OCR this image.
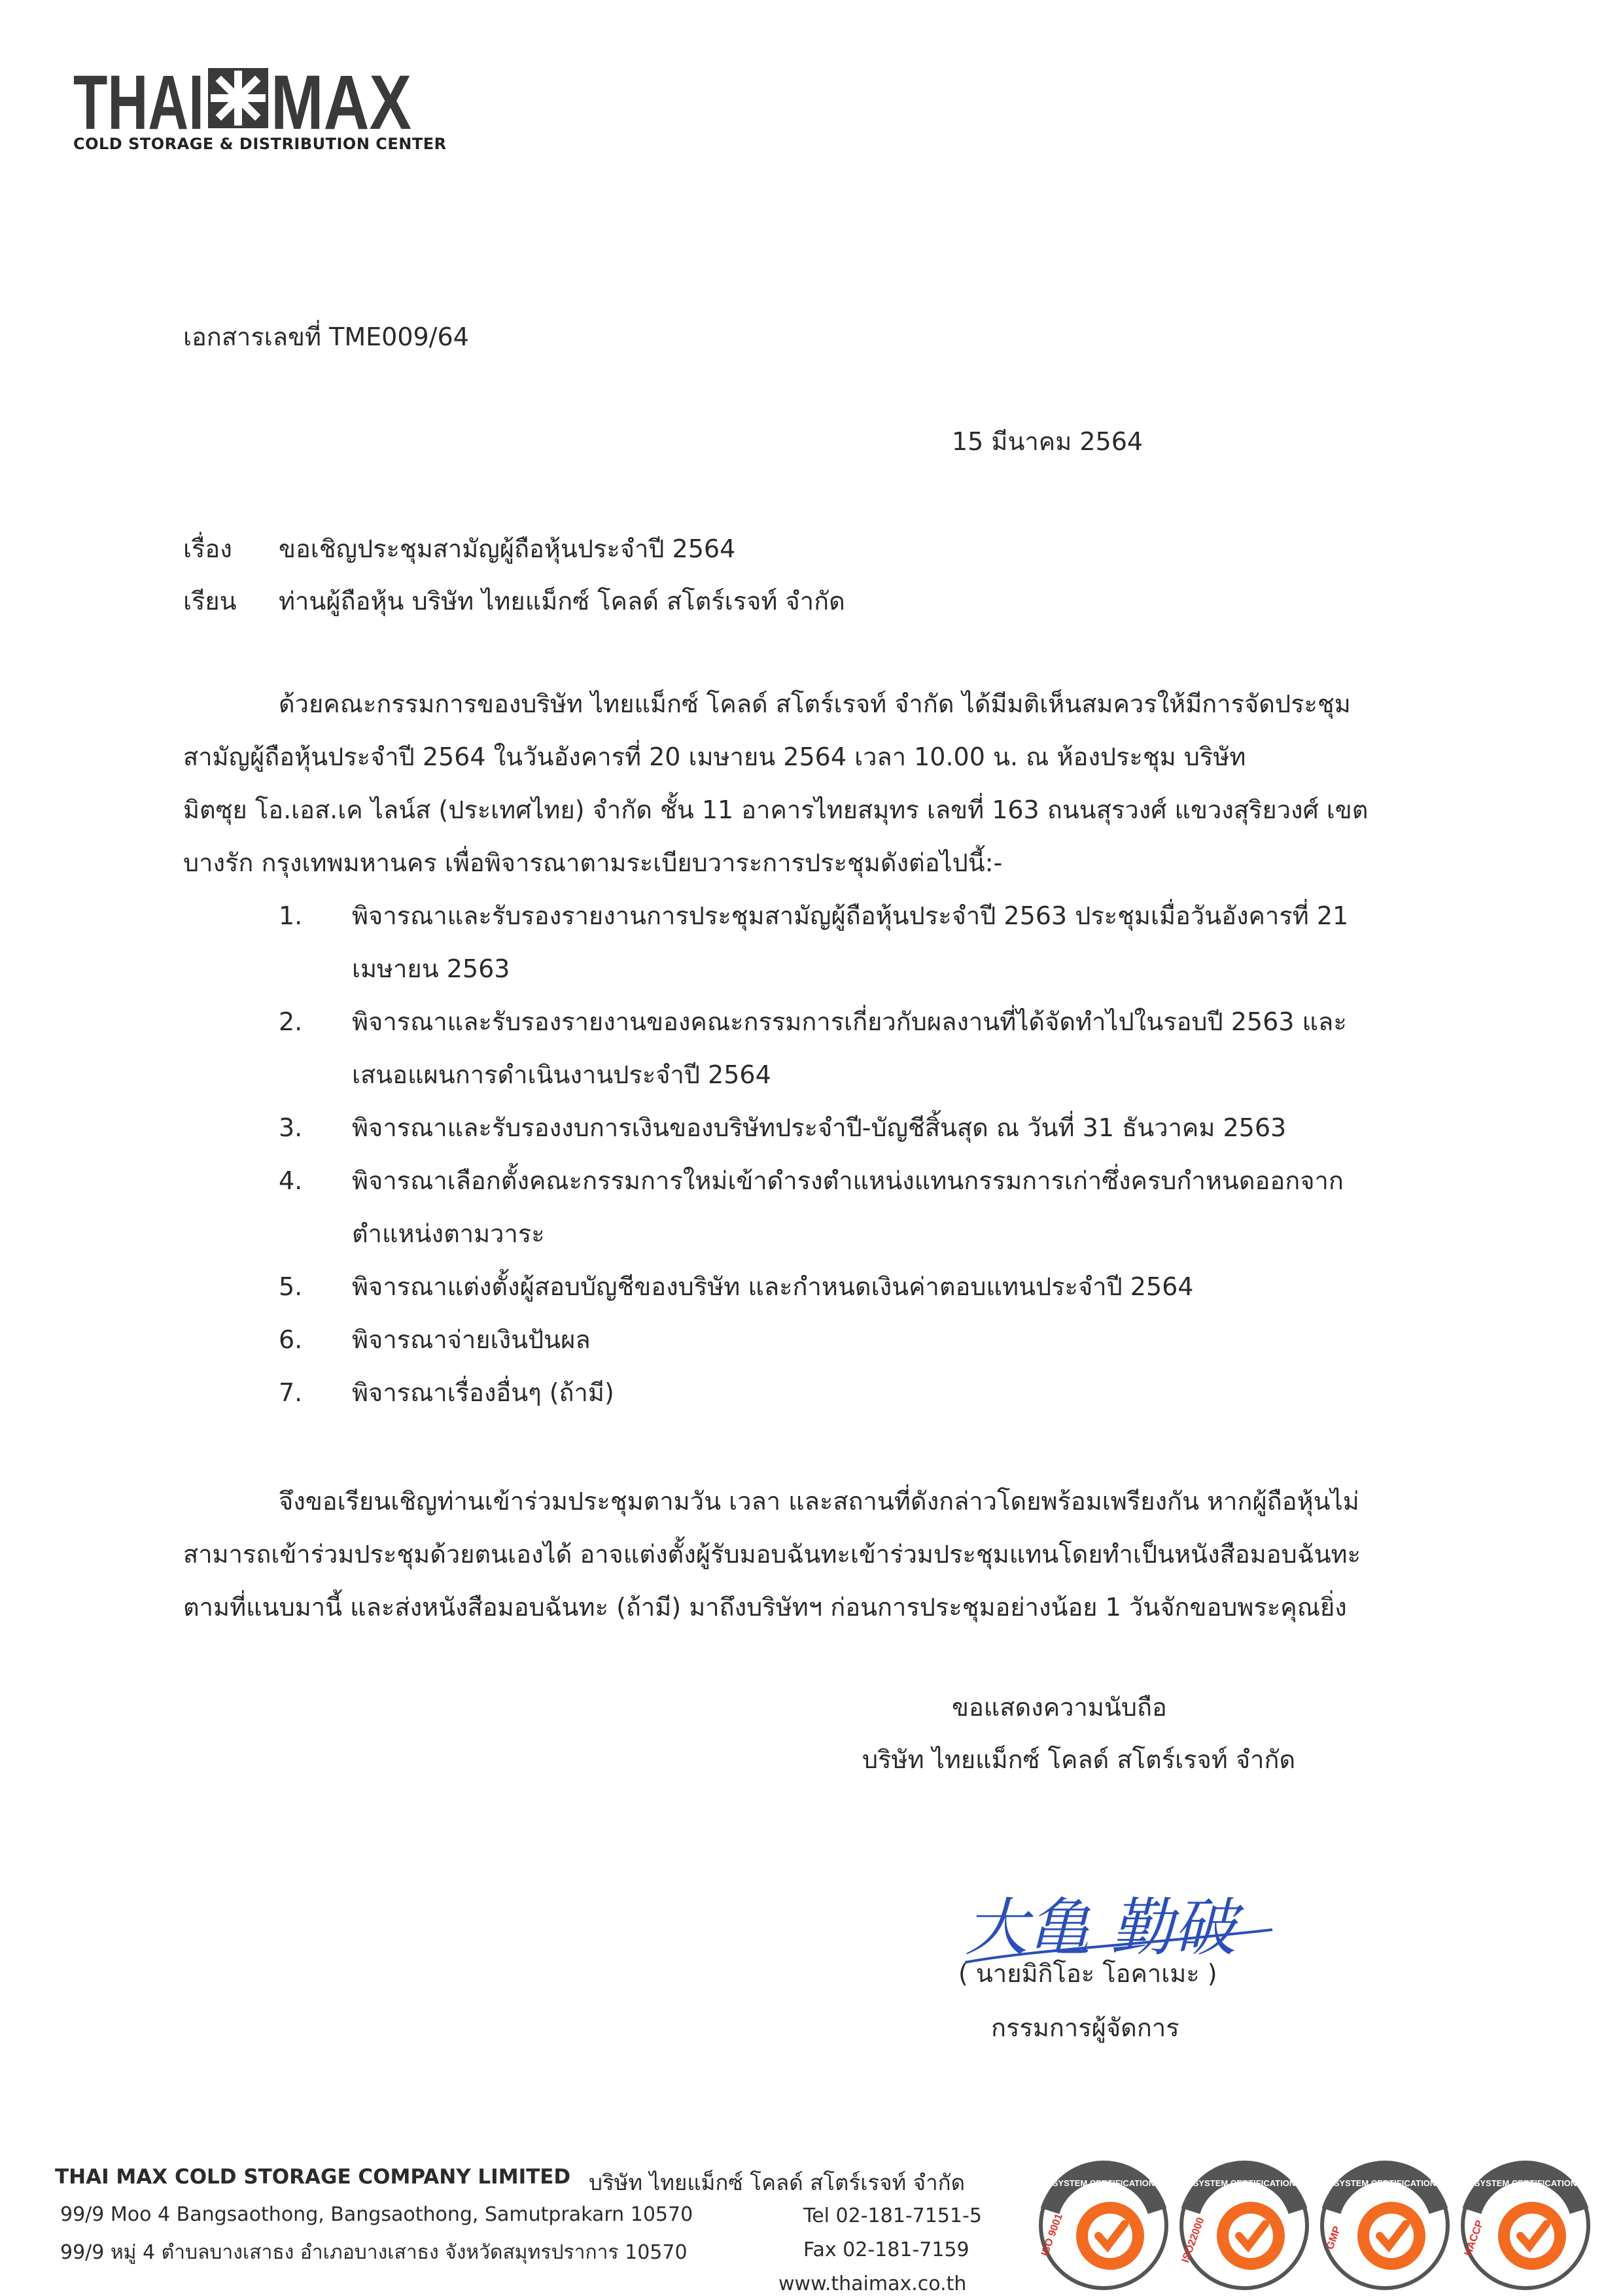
THAI MAX
COLD STORAGE & DISTRIBUTION CENTER
เอกสารเลขที่ TME009/64
15 มีนาคม 2564
เรื่อง ขอเชิญประชุมสามัญผู้ถือหุ้นประจำปี 2564
เรียน ท่านผู้ถือหุ้น บริษัท ไทยแม็กซ์ โคลด์ สโตร์เรจท์ จำกัด
ด้วยคณะกรรมการของบริษัท ไทยแม็กซ์ โคลด์ สโตร์เรจท์ จำกัด ได้มีมติเห็นสมควรให้มีการจัดประชุม
สามัญผู้ถือหุ้นประจำปี 2564 ในวันอังคารที่ 20 เมษายน 2564 เวลา 10.00 น. ณ ห้องประชุม บริษัท
มิตซุย โอ.เอส.เค ไลน์ส (ประเทศไทย) จำกัด ชั้น 11 อาคารไทยสมุทร เลขที่ 163 ถนนสุรวงศ์ แขวงสุริยวงศ์ เขต
บางรัก กรุงเทพมหานคร เพื่อพิจารณาตามระเบียบวาระการประชุมดังต่อไปนี้:-
1. พิจารณาและรับรองรายงานการประชุมสามัญผู้ถือหุ้นประจำปี 2563 ประชุมเมื่อวันอังคารที่ 21
เมษายน 2563
2. พิจารณาและรับรองรายงานของคณะกรรมการเกี่ยวกับผลงานที่ได้จัดทำไปในรอบปี 2563 และ
เสนอแผนการดำเนินงานประจำปี 2564
3. พิจารณาและรับรองงบการเงินของบริษัทประจำปี-บัญชีสิ้นสุด ณ วันที่ 31 ธันวาคม 2563
4. พิจารณาเลือกตั้งคณะกรรมการใหม่เข้าดำรงตำแหน่งแทนกรรมการเก่าซึ่งครบกำหนดออกจาก
ตำแหน่งตามวาระ
5. พิจารณาแต่งตั้งผู้สอบบัญชีของบริษัท และกำหนดเงินค่าตอบแทนประจำปี 2564
6. พิจารณาจ่ายเงินปันผล
7. พิจารณาเรื่องอื่นๆ (ถ้ามี)
จึงขอเรียนเชิญท่านเข้าร่วมประชุมตามวัน เวลา และสถานที่ดังกล่าวโดยพร้อมเพรียงกัน หากผู้ถือหุ้นไม่
สามารถเข้าร่วมประชุมด้วยตนเองได้ อาจแต่งตั้งผู้รับมอบฉันทะเข้าร่วมประชุมแทนโดยทำเป็นหนังสือมอบฉันทะ
ตามที่แนบมานี้ และส่งหนังสือมอบฉันทะ (ถ้ามี) มาถึงบริษัทฯ ก่อนการประชุมอย่างน้อย 1 วันจักขอบพระคุณยิ่ง
ขอแสดงความนับถือ
บริษัท ไทยแม็กซ์ โคลด์ สโตร์เรจท์ จำกัด
大亀 勤破
( นายมิกิโอะ โอคาเมะ )
กรรมการผู้จัดการ
THAI MAX COLD STORAGE COMPANY LIMITED บริษัท ไทยแม็กซ์ โคลด์ สโตร์เรจท์ จำกัด
99/9 Moo 4 Bangsaothong, Bangsaothong, Samutprakarn 10570
99/9 หมู่ 4 ตำบลบางเสาธง อำเภอบางเสาธง จังหวัดสมุทรปราการ 10570
Tel 02-181-7151-5
Fax 02-181-7159
www.thaimax.co.th
SYSTEM CERTIFICATION
ISO 9001
SYSTEM CERTIFICATION
ISO22000
SYSTEM CERTIFICATION
GMP
SYSTEM CERTIFICATION
HACCP
